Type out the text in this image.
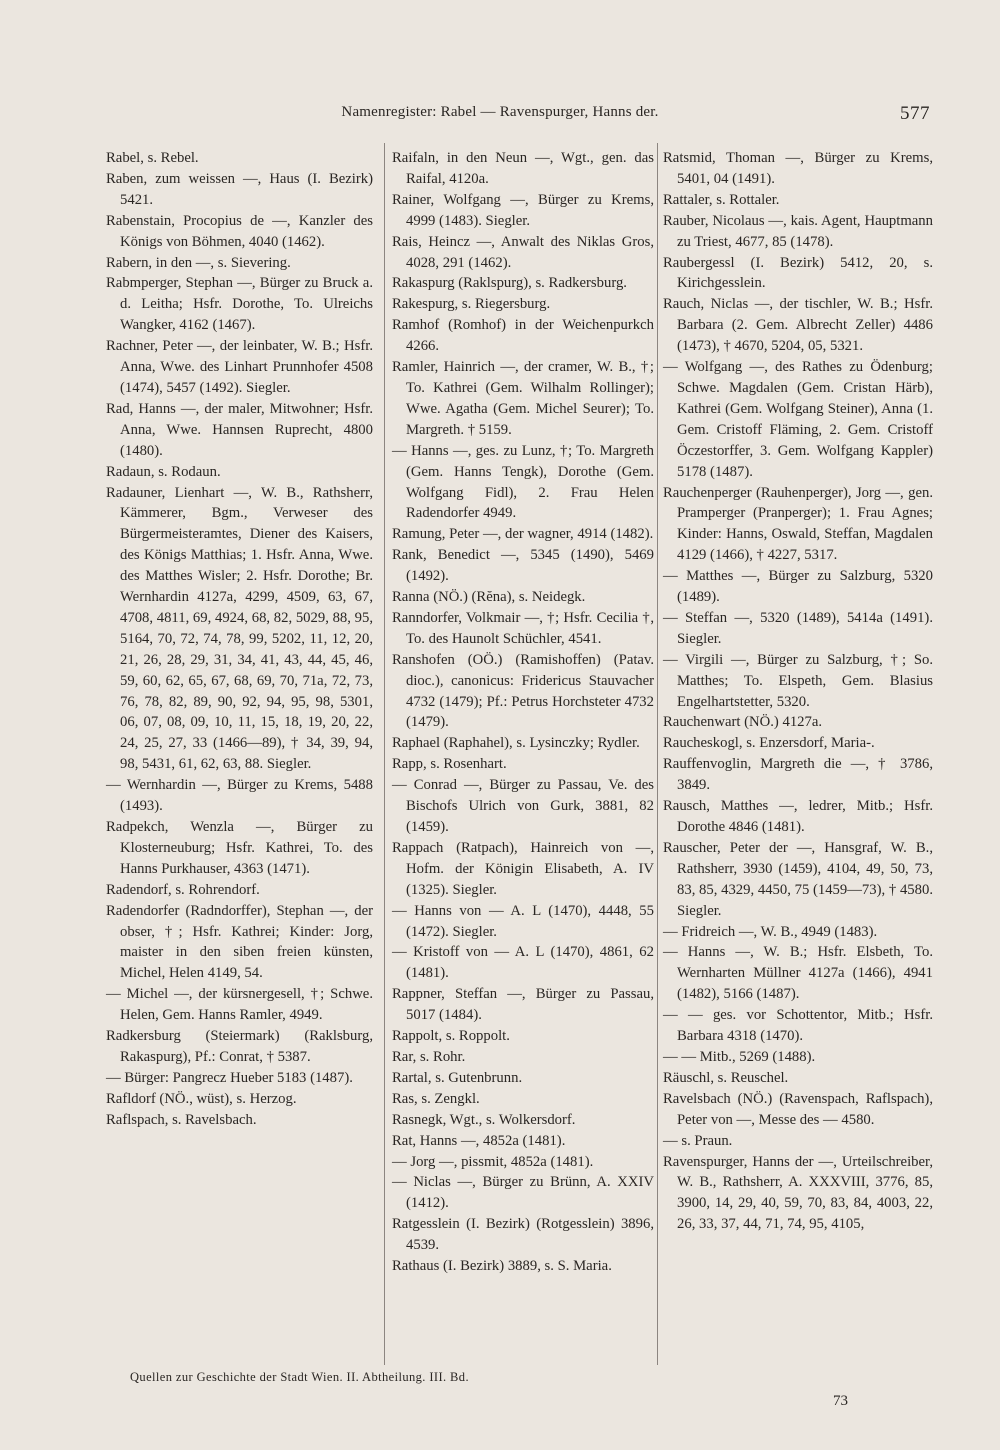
Namenregister: Rabel — Ravenspurger, Hanns der.	577

Rabel, s. Rebel.

Raben, zum weissen —, Haus (I. Bezirk) 5421.

Rabenstain, Procopius de —, Kanzler des Königs von Böhmen, 4040 (1462).

Rabern, in den —, s. Sievering.

Rabmperger, Stephan —, Bürger zu Bruck a. d. Leitha; Hsfr. Dorothe, To. Ulreichs Wangker, 4162 (1467).

Rachner, Peter —, der leinbater, W. B.; Hsfr. Anna, Wwe. des Linhart Prunnhofer 4508 (1474), 5457 (1492). Siegler.

Rad, Hanns —, der maler, Mitwohner; Hsfr. Anna, Wwe. Hannsen Ruprecht, 4800 (1480).

Radaun, s. Rodaun.

Radauner, Lienhart —, W. B., Rathsherr, Kämmerer, Bgm., Verweser des Bürgermeisteramtes, Diener des Kaisers, des Königs Matthias; 1. Hsfr. Anna, Wwe. des Matthes Wisler; 2. Hsfr. Dorothe; Br. Wernhardin 4127a, 4299, 4509, 63, 67, 4708, 4811, 69, 4924, 68, 82, 5029, 88, 95, 5164, 70, 72, 74, 78, 99, 5202, 11, 12, 20, 21, 26, 28, 29, 31, 34, 41, 43, 44, 45, 46, 59, 60, 62, 65, 67, 68, 69, 70, 71a, 72, 73, 76, 78, 82, 89, 90, 92, 94, 95, 98, 5301, 06, 07, 08, 09, 10, 11, 15, 18, 19, 20, 22, 24, 25, 27, 33 (1466—89), † 34, 39, 94, 98, 5431, 61, 62, 63, 88. Siegler.

— Wernhardin —, Bürger zu Krems, 5488 (1493).

Radpekch, Wenzla —, Bürger zu Klosterneuburg; Hsfr. Kathrei, To. des Hanns Purkhauser, 4363 (1471).

Radendorf, s. Rohrendorf.

Radendorfer (Radndorffer), Stephan —, der obser, †; Hsfr. Kathrei; Kinder: Jorg, maister in den siben freien künsten, Michel, Helen 4149, 54.

— Michel —, der kürsnergesell, †; Schwe. Helen, Gem. Hanns Ramler, 4949.

Radkersburg (Steiermark) (Raklsburg, Rakaspurg), Pf.: Conrat, † 5387.

— Bürger: Pangrecz Hueber 5183 (1487).

Rafldorf (NÖ., wüst), s. Herzog.

Raflspach, s. Ravelsbach.

Raifaln, in den Neun —, Wgt., gen. das Raifal, 4120a.

Rainer, Wolfgang —, Bürger zu Krems, 4999 (1483). Siegler.

Rais, Heincz —, Anwalt des Niklas Gros, 4028, 291 (1462).

Rakaspurg (Raklspurg), s. Radkersburg.

Rakespurg, s. Riegersburg.

Ramhof (Romhof) in der Weichenpurkch 4266.

Ramler, Hainrich —, der cramer, W. B., †; To. Kathrei (Gem. Wilhalm Rollinger); Wwe. Agatha (Gem. Michel Seurer); To. Margreth. † 5159.

— Hanns —, ges. zu Lunz, †; To. Margreth (Gem. Hanns Tengk), Dorothe (Gem. Wolfgang Fidl), 2. Frau Helen Radendorfer 4949.

Ramung, Peter —, der wagner, 4914 (1482).

Rank, Benedict —, 5345 (1490), 5469 (1492).

Ranna (NÖ.) (Rĕna), s. Neidegk.

Ranndorfer, Volkmair —, †; Hsfr. Cecilia †, To. des Haunolt Schüchler, 4541.

Ranshofen (OÖ.) (Ramishoffen) (Patav. dioc.), canonicus: Fridericus Stauvacher 4732 (1479); Pf.: Petrus Horchsteter 4732 (1479).

Raphael (Raphahel), s. Lysinczky; Rydler.

Rapp, s. Rosenhart.

— Conrad —, Bürger zu Passau, Ve. des Bischofs Ulrich von Gurk, 3881, 82 (1459).

Rappach (Ratpach), Hainreich von —, Hofm. der Königin Elisabeth, A. IV (1325). Siegler.

— Hanns von — A. L (1470), 4448, 55 (1472). Siegler.

— Kristoff von — A. L (1470), 4861, 62 (1481).

Rappner, Steffan —, Bürger zu Passau, 5017 (1484).

Rappolt, s. Roppolt.

Rar, s. Rohr.

Rartal, s. Gutenbrunn.

Ras, s. Zengkl.

Rasnegk, Wgt., s. Wolkersdorf.

Rat, Hanns —, 4852a (1481).

— Jorg —, pissmit, 4852a (1481).

— Niclas —, Bürger zu Brünn, A. XXIV (1412).

Ratgesslein (I. Bezirk) (Rotgesslein) 3896, 4539.

Rathaus (I. Bezirk) 3889, s. S. Maria.

Ratsmid, Thoman —, Bürger zu Krems, 5401, 04 (1491).

Rattaler, s. Rottaler.

Rauber, Nicolaus —, kais. Agent, Hauptmann zu Triest, 4677, 85 (1478).

Raubergessl (I. Bezirk) 5412, 20, s. Kirichgesslein.

Rauch, Niclas —, der tischler, W. B.; Hsfr. Barbara (2. Gem. Albrecht Zeller) 4486 (1473), † 4670, 5204, 05, 5321.

— Wolfgang —, des Rathes zu Ödenburg; Schwe. Magdalen (Gem. Cristan Härb), Kathrei (Gem. Wolfgang Steiner), Anna (1. Gem. Cristoff Fläming, 2. Gem. Cristoff Öczestorffer, 3. Gem. Wolfgang Kappler) 5178 (1487).

Rauchenperger (Rauhenperger), Jorg —, gen. Pramperger (Pranperger); 1. Frau Agnes; Kinder: Hanns, Oswald, Steffan, Magdalen 4129 (1466), † 4227, 5317.

— Matthes —, Bürger zu Salzburg, 5320 (1489).

— Steffan —, 5320 (1489), 5414a (1491). Siegler.

— Virgili —, Bürger zu Salzburg, †; So. Matthes; To. Elspeth, Gem. Blasius Engelhartstetter, 5320.

Rauchenwart (NÖ.) 4127a.

Raucheskogl, s. Enzersdorf, Maria-.

Rauffenvoglin, Margreth die —, † 3786, 3849.

Rausch, Matthes —, ledrer, Mitb.; Hsfr. Dorothe 4846 (1481).

Rauscher, Peter der —, Hansgraf, W. B., Rathsherr, 3930 (1459), 4104, 49, 50, 73, 83, 85, 4329, 4450, 75 (1459—73), † 4580. Siegler.

— Fridreich —, W. B., 4949 (1483).

— Hanns —, W. B.; Hsfr. Elsbeth, To. Wernharten Müllner 4127a (1466), 4941 (1482), 5166 (1487).

— — ges. vor Schottentor, Mitb.; Hsfr. Barbara 4318 (1470).

— — Mitb., 5269 (1488).

Räuschl, s. Reuschel.

Ravelsbach (NÖ.) (Ravenspach, Raflspach), Peter von —, Messe des — 4580.

— s. Praun.

Ravenspurger, Hanns der —, Urteilschreiber, W. B., Rathsherr, A. XXXVIII, 3776, 85, 3900, 14, 29, 40, 59, 70, 83, 84, 4003, 22, 26, 33, 37, 44, 71, 74, 95, 4105,

Quellen zur Geschichte der Stadt Wien. II. Abtheilung. III. Bd.
73
